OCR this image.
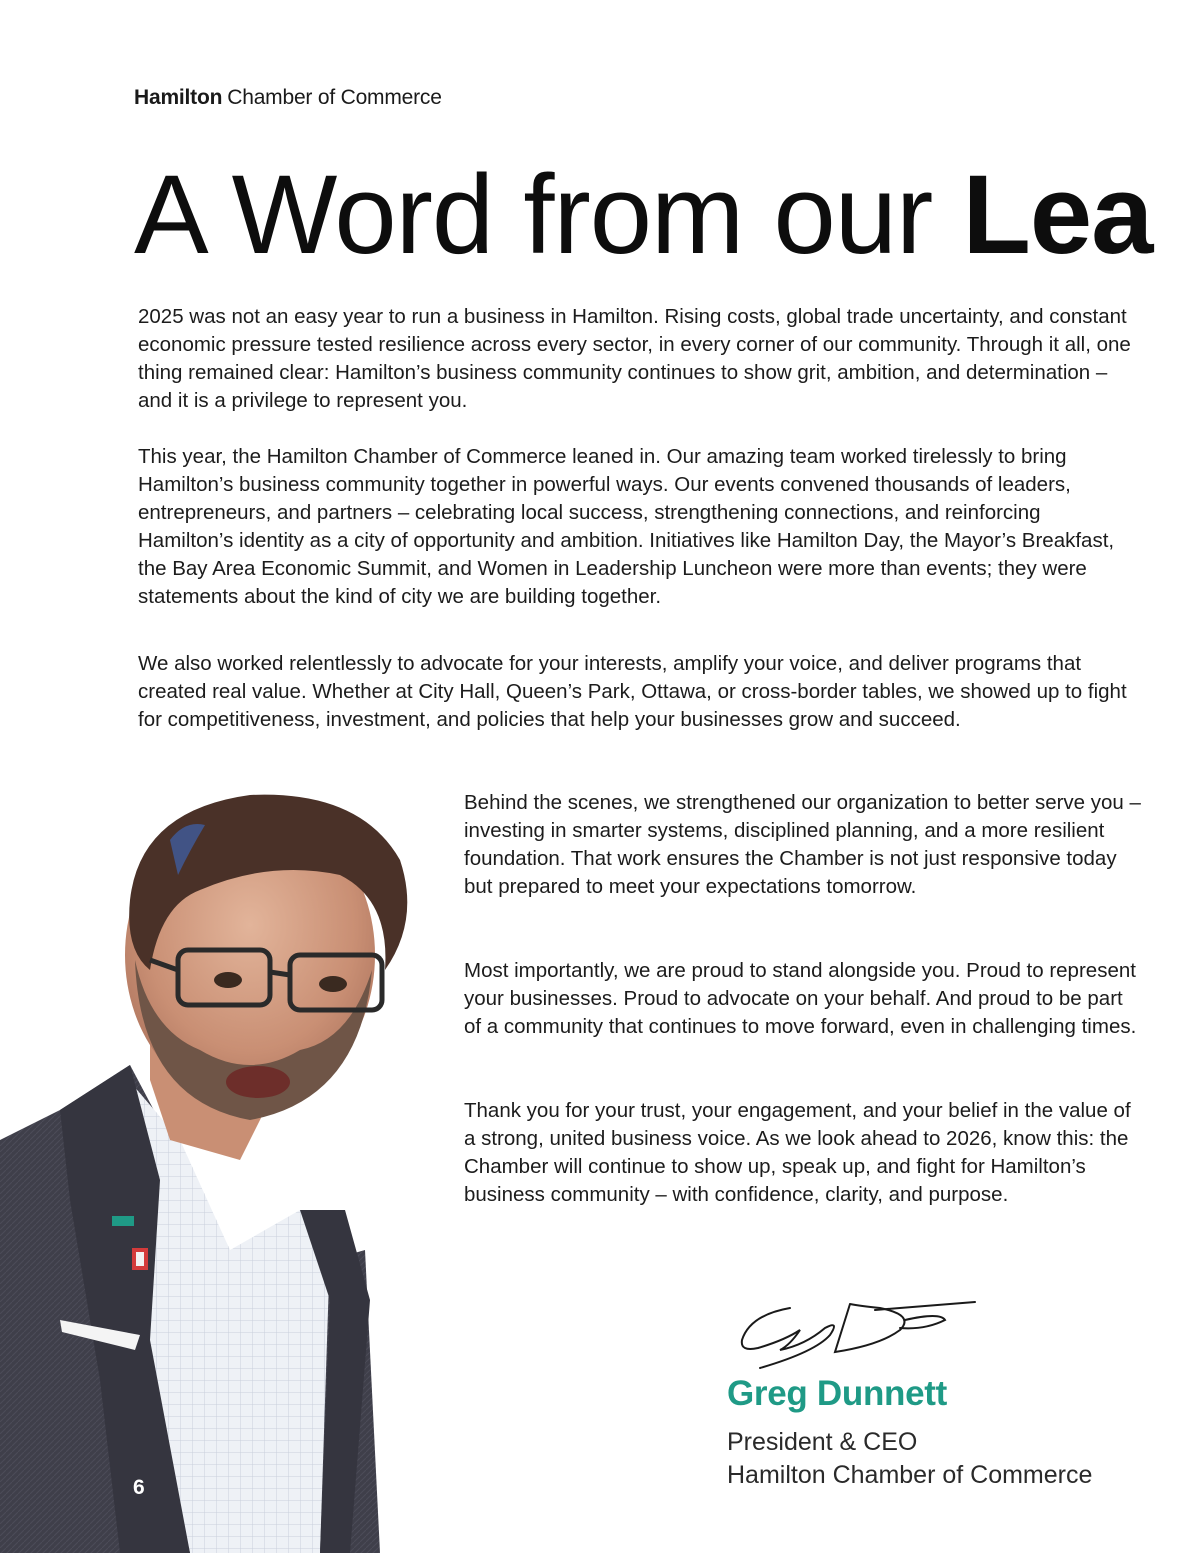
Hamilton Chamber of Commerce
A Word from our Lea

2025 was not an easy year to run a business in Hamilton. Rising costs, global trade uncertainty, and constant economic pressure tested resilience across every sector, in every corner of our community. Through it all, one thing remained clear: Hamilton’s business community continues to show grit, ambition, and determination – and it is a privilege to represent you.

This year, the Hamilton Chamber of Commerce leaned in. Our amazing team worked tirelessly to bring Hamilton’s business community together in powerful ways. Our events convened thousands of leaders, entrepreneurs, and partners – celebrating local success, strengthening connections, and reinforcing Hamilton’s identity as a city of opportunity and ambition. Initiatives like Hamilton Day, the Mayor’s Breakfast, the Bay Area Economic Summit, and Women in Leadership Luncheon were more than events; they were statements about the kind of city we are building together.

We also worked relentlessly to advocate for your interests, amplify your voice, and deliver programs that created real value. Whether at City Hall, Queen’s Park, Ottawa, or cross-border tables, we showed up to fight for competitiveness, investment, and policies that help your businesses grow and succeed.

Behind the scenes, we strengthened our organization to better serve you – investing in smarter systems, disciplined planning, and a more resilient foundation. That work ensures the Chamber is not just responsive today but prepared to meet your expectations tomorrow.

Most importantly, we are proud to stand alongside you. Proud to represent your businesses. Proud to advocate on your behalf. And proud to be part of a community that continues to move forward, even in challenging times.

Thank you for your trust, your engagement, and your belief in the value of a strong, united business voice. As we look ahead to 2026, know this: the Chamber will continue to show up, speak up, and fight for Hamilton’s business community – with confidence, clarity, and purpose.

Greg Dunnett
President & CEO
Hamilton Chamber of Commerce
6
